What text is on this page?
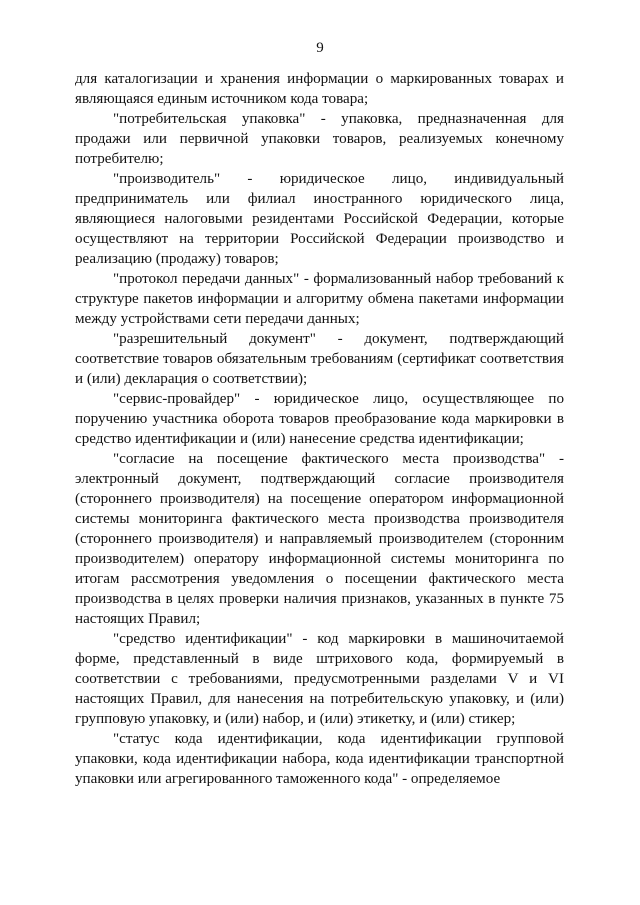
9

для каталогизации и хранения информации о маркированных товарах и являющаяся единым источником кода товара;

"потребительская упаковка" - упаковка, предназначенная для продажи или первичной упаковки товаров, реализуемых конечному потребителю;

"производитель" - юридическое лицо, индивидуальный предприниматель или филиал иностранного юридического лица, являющиеся налоговыми резидентами Российской Федерации, которые осуществляют на территории Российской Федерации производство и реализацию (продажу) товаров;

"протокол передачи данных" - формализованный набор требований к структуре пакетов информации и алгоритму обмена пакетами информации между устройствами сети передачи данных;

"разрешительный документ" - документ, подтверждающий соответствие товаров обязательным требованиям (сертификат соответствия и (или) декларация о соответствии);

"сервис-провайдер" - юридическое лицо, осуществляющее по поручению участника оборота товаров преобразование кода маркировки в средство идентификации и (или) нанесение средства идентификации;

"согласие на посещение фактического места производства" - электронный документ, подтверждающий согласие производителя (стороннего производителя) на посещение оператором информационной системы мониторинга фактического места производства производителя (стороннего производителя) и направляемый производителем (сторонним производителем) оператору информационной системы мониторинга по итогам рассмотрения уведомления о посещении фактического места производства в целях проверки наличия признаков, указанных в пункте 75 настоящих Правил;

"средство идентификации" - код маркировки в машиночитаемой форме, представленный в виде штрихового кода, формируемый в соответствии с требованиями, предусмотренными разделами V и VI настоящих Правил, для нанесения на потребительскую упаковку, и (или) групповую упаковку, и (или) набор, и (или) этикетку, и (или) стикер;

"статус кода идентификации, кода идентификации групповой упаковки, кода идентификации набора, кода идентификации транспортной упаковки или агрегированного таможенного кода" - определяемое
